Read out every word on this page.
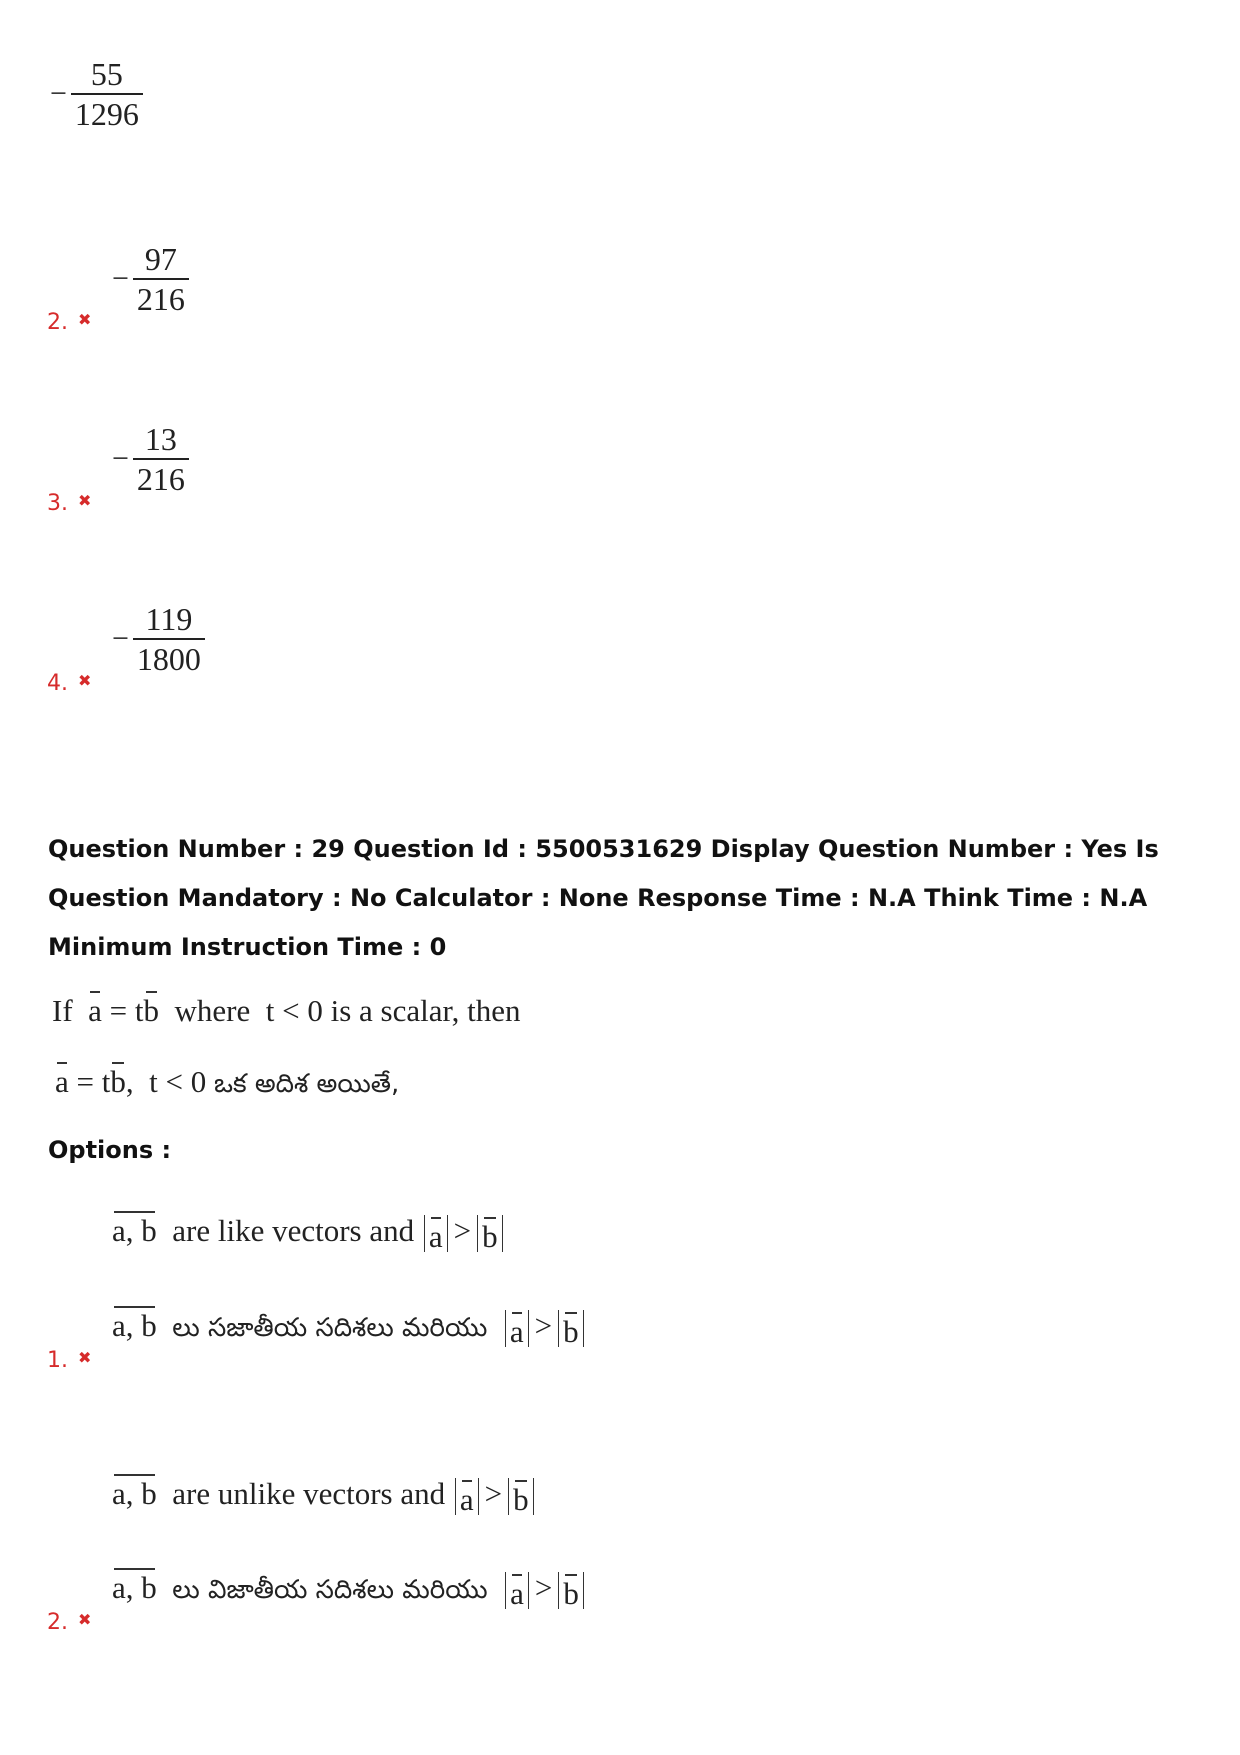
− $\frac{55}{1296}$
− $\frac{97}{216}$
2. ✖
− $\frac{13}{216}$
3. ✖
− $\frac{119}{1800}$
4. ✖
Question Number : 29 Question Id : 5500531629 Display Question Number : Yes Is Question Mandatory : No Calculator : None Response Time : N.A Think Time : N.A Minimum Instruction Time : 0
If a = tb where t < 0 is a scalar, then
a = tb, t < 0 ఒక అదిశ అయితే,
Options :
a, b are like vectors and a > b
a, b లు సజాతీయ సదిశలు మరియు a > b
1. ✖
a, b are unlike vectors and a > b
a, b లు విజాతీయ సదిశలు మరియు a > b
2. ✖
